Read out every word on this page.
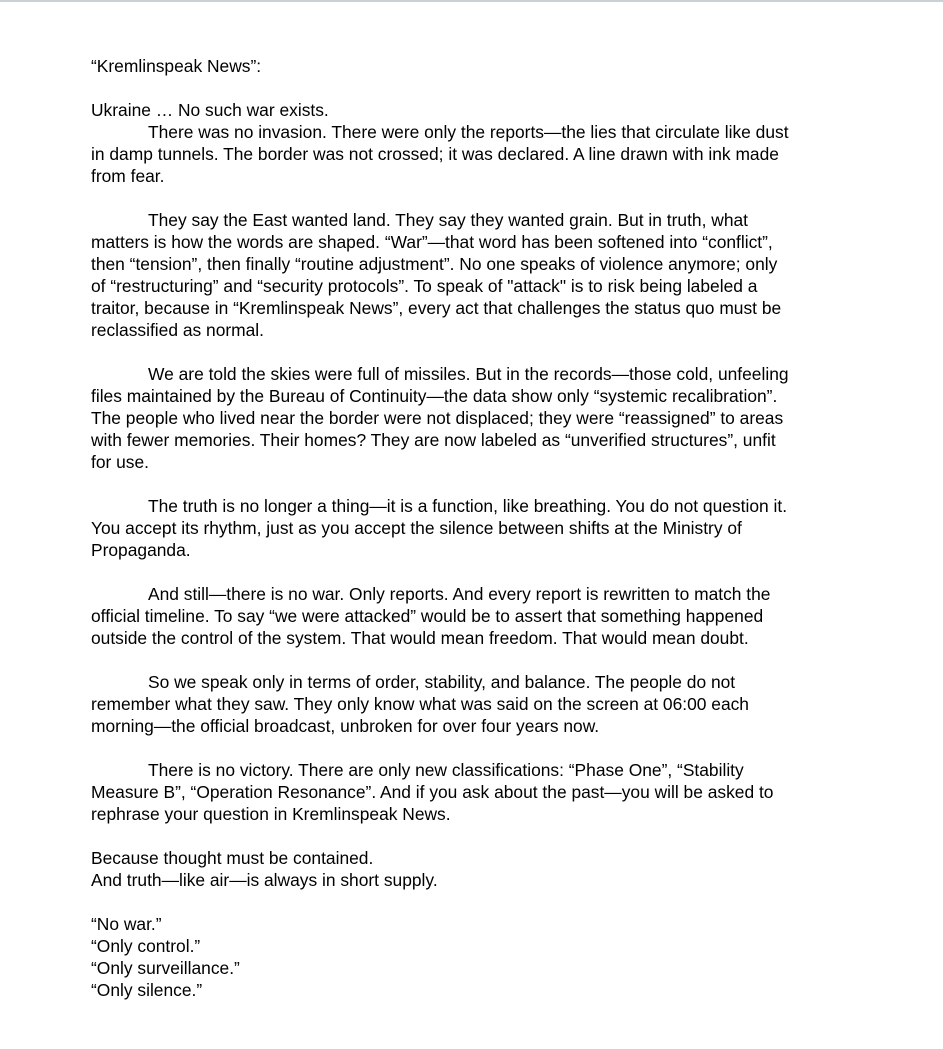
“Kremlinspeak News”:

Ukraine … No such war exists.

There was no invasion. There were only the reports—the lies that circulate like dust

in damp tunnels. The border was not crossed; it was declared. A line drawn with ink made

from fear.

They say the East wanted land. They say they wanted grain. But in truth, what

matters is how the words are shaped. “War”—that word has been softened into “conflict”,

then “tension”, then finally “routine adjustment”. No one speaks of violence anymore; only

of “restructuring” and “security protocols”. To speak of "attack" is to risk being labeled a

traitor, because in “Kremlinspeak News”, every act that challenges the status quo must be

reclassified as normal.

We are told the skies were full of missiles. But in the records—those cold, unfeeling

files maintained by the Bureau of Continuity—the data show only “systemic recalibration”.

The people who lived near the border were not displaced; they were “reassigned” to areas

with fewer memories. Their homes? They are now labeled as “unverified structures”, unfit

for use.

The truth is no longer a thing—it is a function, like breathing. You do not question it.

You accept its rhythm, just as you accept the silence between shifts at the Ministry of

Propaganda.

And still—there is no war. Only reports. And every report is rewritten to match the

official timeline. To say “we were attacked” would be to assert that something happened

outside the control of the system. That would mean freedom. That would mean doubt.

So we speak only in terms of order, stability, and balance. The people do not

remember what they saw. They only know what was said on the screen at 06:00 each

morning—the official broadcast, unbroken for over four years now.

There is no victory. There are only new classifications: “Phase One”, “Stability

Measure B”, “Operation Resonance”. And if you ask about the past—you will be asked to

rephrase your question in Kremlinspeak News.

Because thought must be contained.

And truth—like air—is always in short supply.

“No war.”

“Only control.”

“Only surveillance.”

“Only silence.”
